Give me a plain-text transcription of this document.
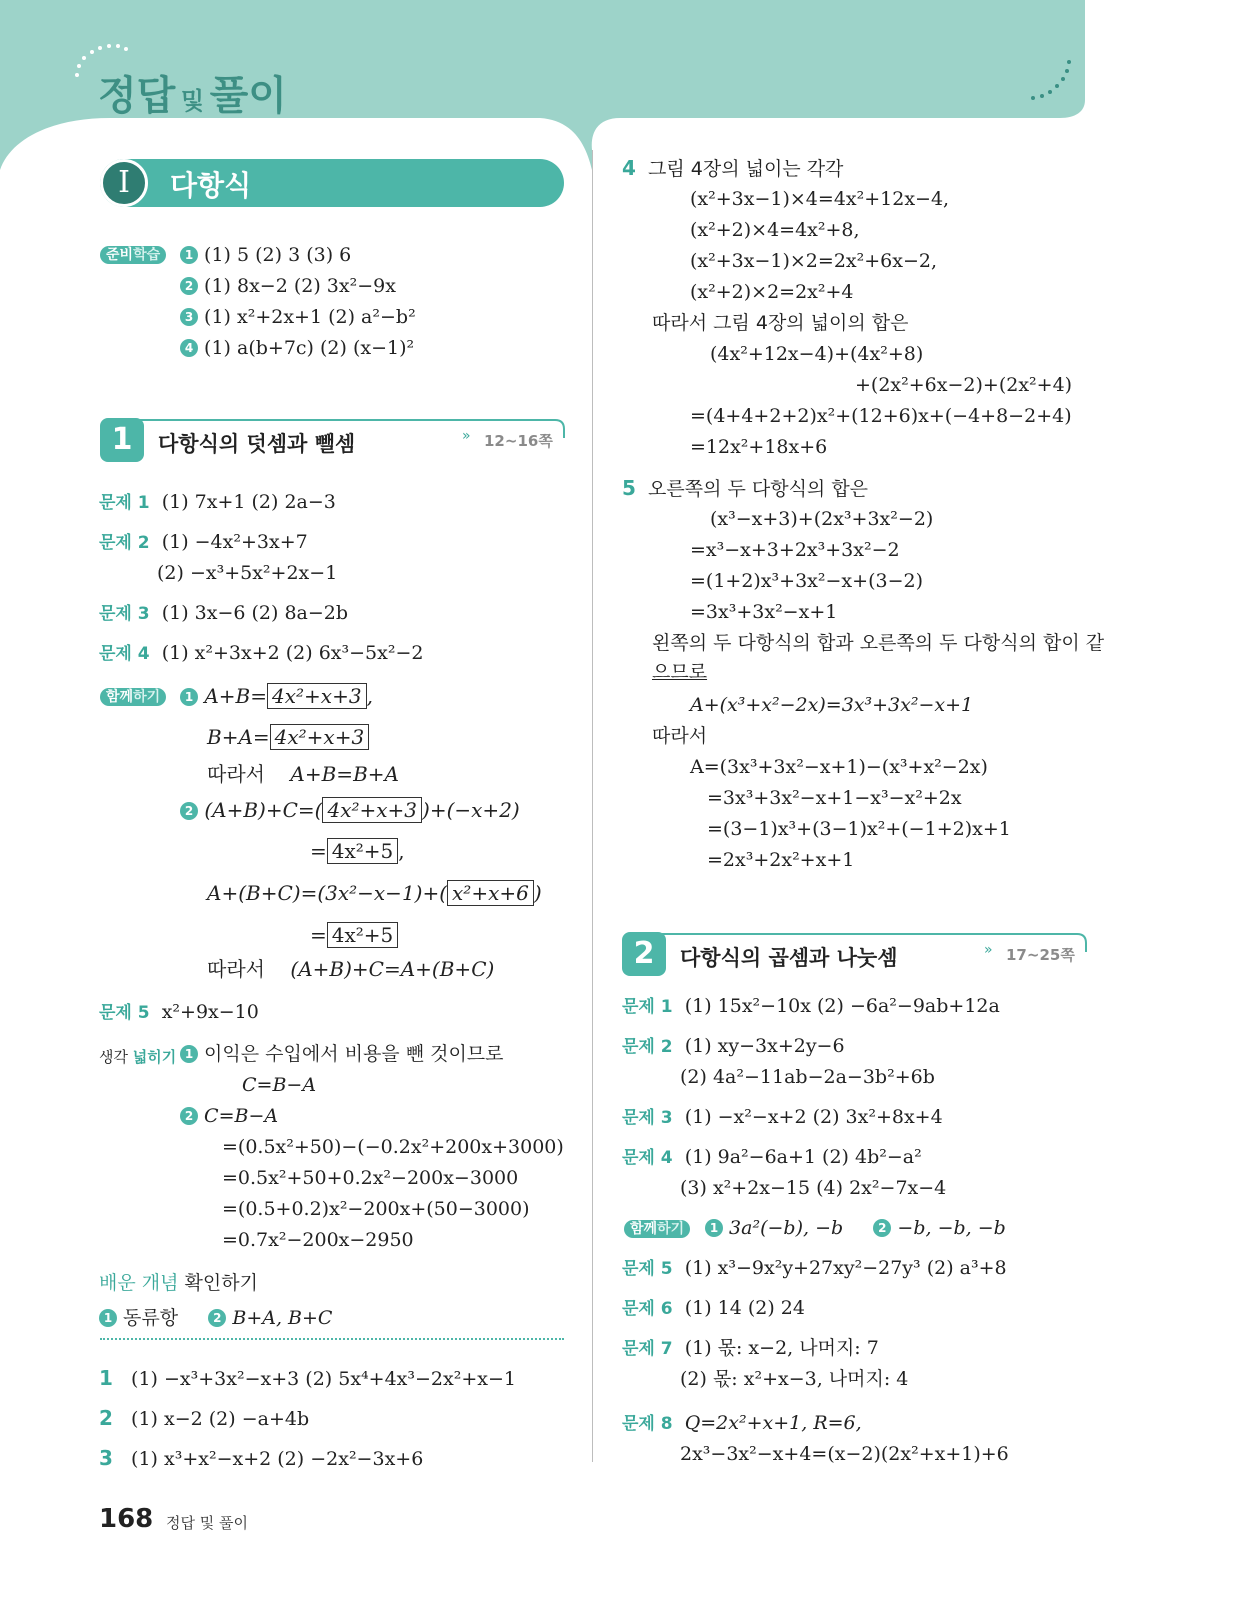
정답 및 풀이
I	다항식
준비학습	1 (1) 5 (2) 3 (3) 6
2 (1) 8x−2 (2) 3x²−9x
3 (1) x²+2x+1 (2) a²−b²
4 (1) a(b+7c) (2) (x−1)²
1	다항식의 덧셈과 뺄셈	» 12~16쪽
문제 1 (1) 7x+1 (2) 2a−3
문제 2 (1) −4x²+3x+7
(2) −x³+5x²+2x−1
문제 3 (1) 3x−6 (2) 8a−2b
문제 4 (1) x²+3x+2 (2) 6x³−5x²−2
함께하기	1 A+B= 4x²+x+3 ,
B+A= 4x²+x+3
따라서 A+B=B+A
2 (A+B)+C=( 4x²+x+3 )+(−x+2)
= 4x²+5 ,
A+(B+C)=(3x²−x−1)+( x²+x+6 )
= 4x²+5
따라서 (A+B)+C=A+(B+C)
문제 5 x²+9x−10
생각 넓히기 1 이익은 수입에서 비용을 뺀 것이므로
C=B−A
2 C=B−A
=(0.5x²+50)−(−0.2x²+200x+3000)
=0.5x²+50+0.2x²−200x−3000
=(0.5+0.2)x²−200x+(50−3000)
=0.7x²−200x−2950
배운 개념 확인하기
1 동류항	2 B+A, B+C
1 (1) −x³+3x²−x+3 (2) 5x⁴+4x³−2x²+x−1
2 (1) x−2 (2) −a+4b
3 (1) x³+x²−x+2 (2) −2x²−3x+6
4 그림 4장의 넓이는 각각
(x²+3x−1)×4=4x²+12x−4,
(x²+2)×4=4x²+8,
(x²+3x−1)×2=2x²+6x−2,
(x²+2)×2=2x²+4
따라서 그림 4장의 넓이의 합은
(4x²+12x−4)+(4x²+8)
+(2x²+6x−2)+(2x²+4)
=(4+4+2+2)x²+(12+6)x+(−4+8−2+4)
=12x²+18x+6
5 오른쪽의 두 다항식의 합은
(x³−x+3)+(2x³+3x²−2)
=x³−x+3+2x³+3x²−2
=(1+2)x³+3x²−x+(3−2)
=3x³+3x²−x+1
왼쪽의 두 다항식의 합과 오른쪽의 두 다항식의 합이 같
으므로
A+(x³+x²−2x)=3x³+3x²−x+1
따라서
A=(3x³+3x²−x+1)−(x³+x²−2x)
=3x³+3x²−x+1−x³−x²+2x
=(3−1)x³+(3−1)x²+(−1+2)x+1
=2x³+2x²+x+1
2	다항식의 곱셈과 나눗셈	» 17~25쪽
문제 1 (1) 15x²−10x (2) −6a²−9ab+12a
문제 2 (1) xy−3x+2y−6
(2) 4a²−11ab−2a−3b²+6b
문제 3 (1) −x²−x+2 (2) 3x²+8x+4
문제 4 (1) 9a²−6a+1 (2) 4b²−a²
(3) x²+2x−15 (4) 2x²−7x−4
함께하기	1 3a²(−b), −b	2 −b, −b, −b
문제 5 (1) x³−9x²y+27xy²−27y³ (2) a³+8
문제 6 (1) 14 (2) 24
문제 7 (1) 몫: x−2, 나머지: 7
(2) 몫: x²+x−3, 나머지: 4
문제 8 Q=2x²+x+1, R=6,
2x³−3x²−x+4=(x−2)(2x²+x+1)+6
168 정답 및 풀이
